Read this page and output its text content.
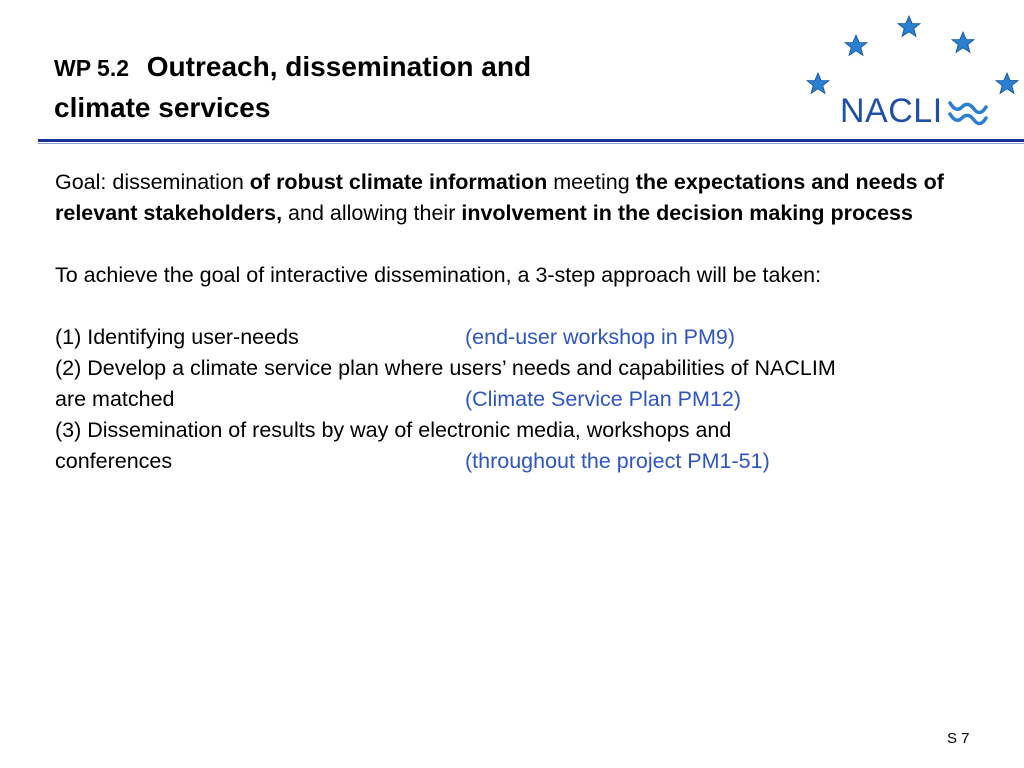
WP 5.2 Outreach, dissemination and
climate services	NACLI

Goal: dissemination of robust climate information meeting the expectations and needs of relevant stakeholders, and allowing their involvement in the decision making process

To achieve the goal of interactive dissemination, a 3-step approach will be taken:

(1) Identifying user-needs	(end-user workshop in PM9)
(2) Develop a climate service plan where users’ needs and capabilities of NACLIM
are matched	(Climate Service Plan PM12)
(3) Dissemination of results by way of electronic media, workshops and
conferences	(throughout the project PM1-51)
S 7
